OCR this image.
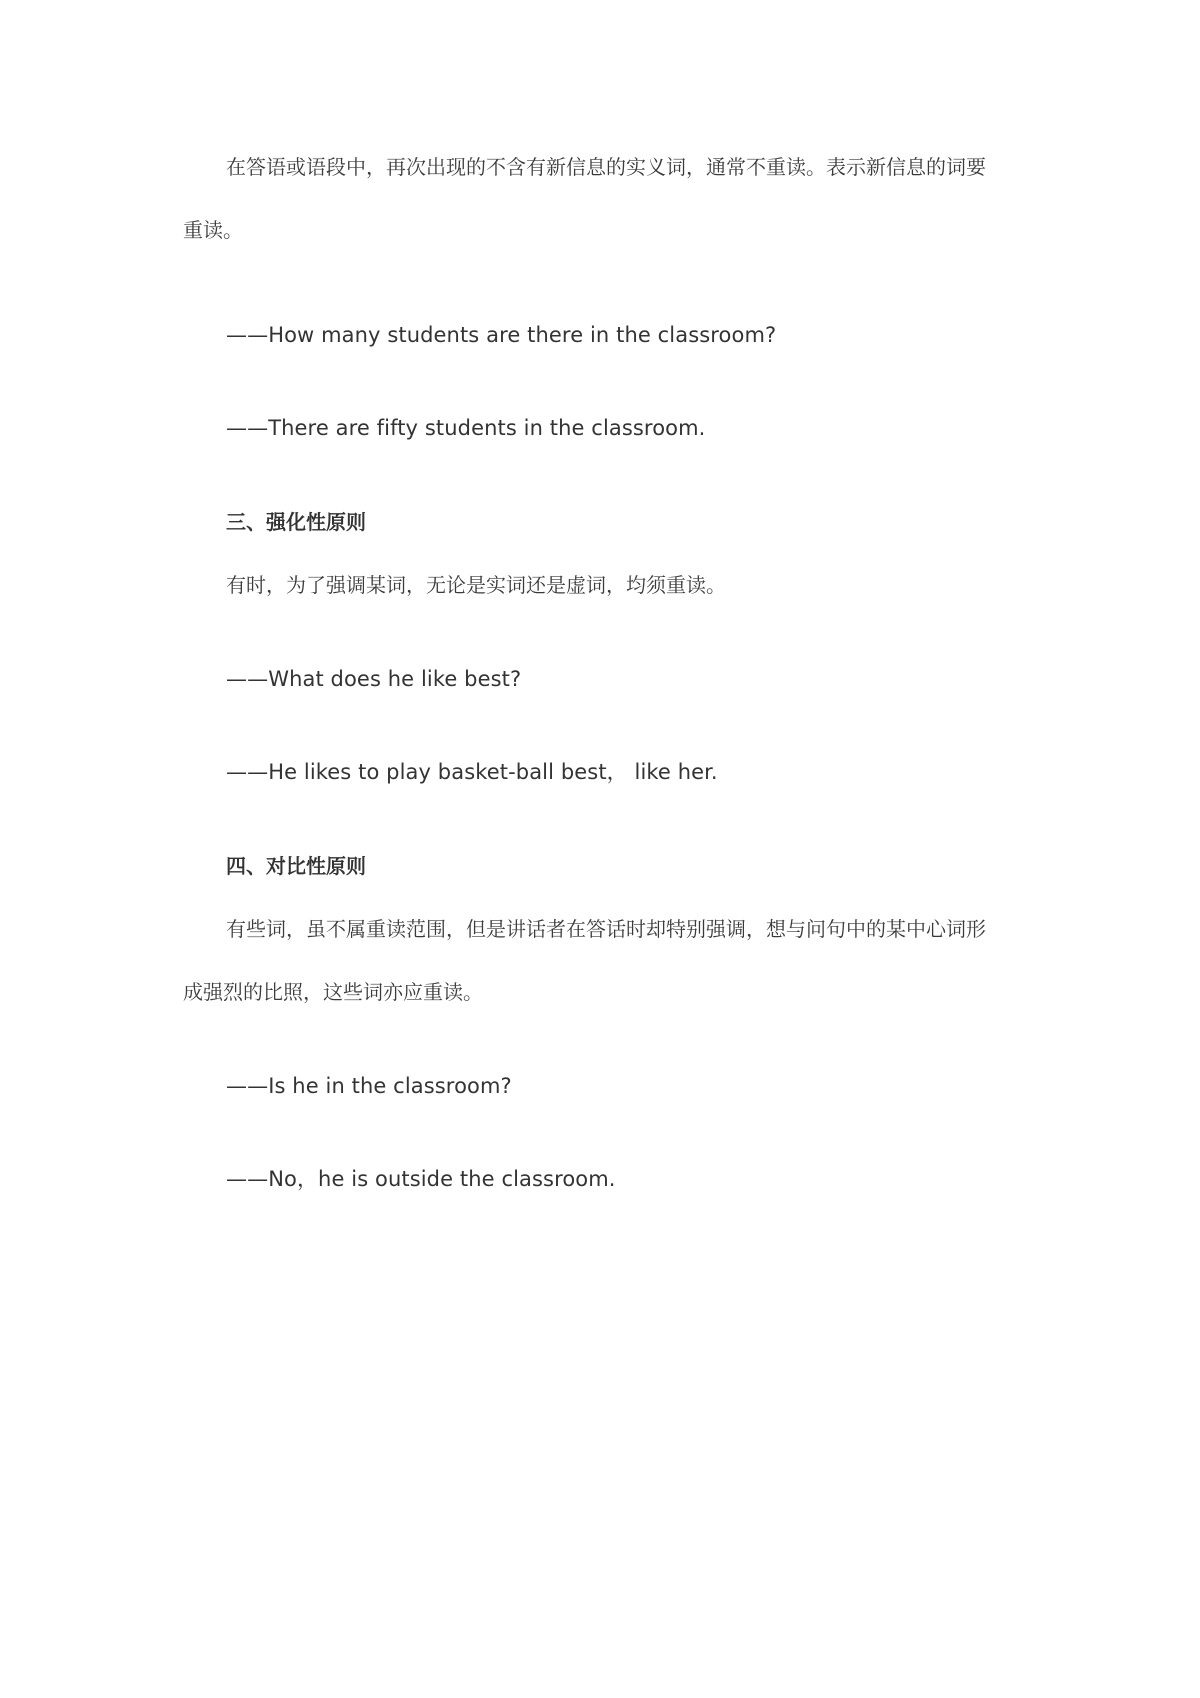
在答语或语段中，再次出现的不含有新信息的实义词，通常不重读。表示新信息的词要

重读。

——How many students are there in the classroom?

——There are fifty students in the classroom.

三、强化性原则

有时，为了强调某词，无论是实词还是虚词，均须重读。

——What does he like best?

——He likes to play basket-ball best， like her.

四、对比性原则

有些词，虽不属重读范围，但是讲话者在答话时却特别强调，想与问句中的某中心词形

成强烈的比照，这些词亦应重读。

——Is he in the classroom?

——No，he is outside the classroom.
